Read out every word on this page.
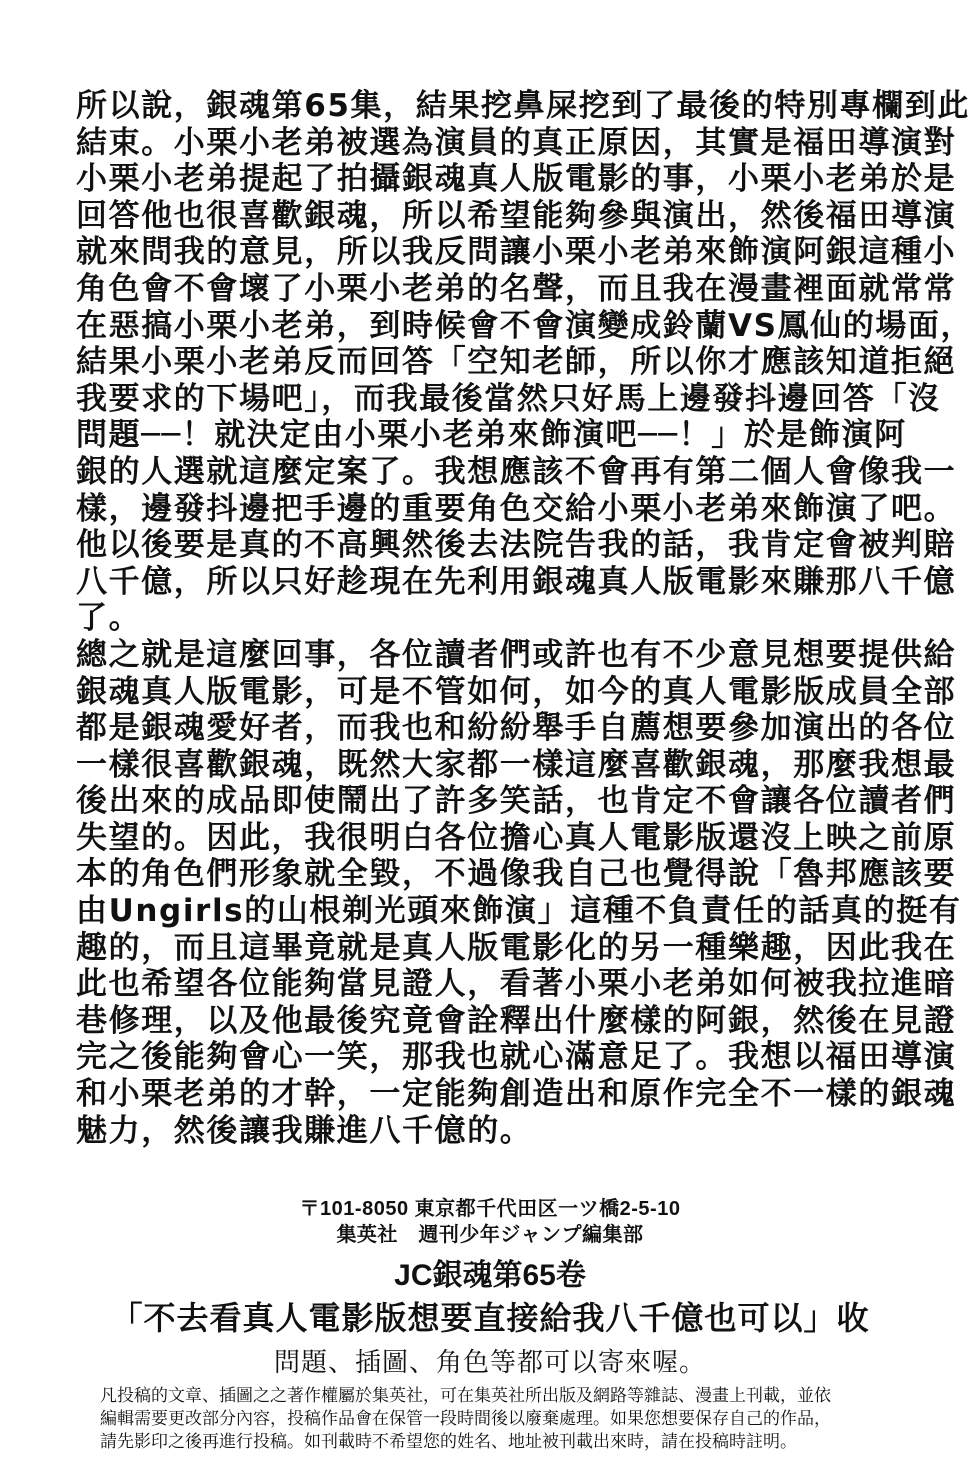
所以說，銀魂第65集，結果挖鼻屎挖到了最後的特別專欄到此
結束。小栗小老弟被選為演員的真正原因，其實是福田導演對
小栗小老弟提起了拍攝銀魂真人版電影的事，小栗小老弟於是
回答他也很喜歡銀魂，所以希望能夠參與演出，然後福田導演
就來問我的意見，所以我反問讓小栗小老弟來飾演阿銀這種小
角色會不會壞了小栗小老弟的名聲，而且我在漫畫裡面就常常
在惡搞小栗小老弟，到時候會不會演變成鈴蘭VS鳳仙的場面，
結果小栗小老弟反而回答「空知老師，所以你才應該知道拒絕
我要求的下場吧」，而我最後當然只好馬上邊發抖邊回答「沒
問題──！就決定由小栗小老弟來飾演吧──！」於是飾演阿
銀的人選就這麼定案了。我想應該不會再有第二個人會像我一
樣，邊發抖邊把手邊的重要角色交給小栗小老弟來飾演了吧。
他以後要是真的不高興然後去法院告我的話，我肯定會被判賠
八千億，所以只好趁現在先利用銀魂真人版電影來賺那八千億
了。
總之就是這麼回事，各位讀者們或許也有不少意見想要提供給
銀魂真人版電影，可是不管如何，如今的真人電影版成員全部
都是銀魂愛好者，而我也和紛紛舉手自薦想要參加演出的各位
一樣很喜歡銀魂，既然大家都一樣這麼喜歡銀魂，那麼我想最
後出來的成品即使鬧出了許多笑話，也肯定不會讓各位讀者們
失望的。因此，我很明白各位擔心真人電影版還沒上映之前原
本的角色們形象就全毀，不過像我自己也覺得說「魯邦應該要
由Ungirls的山根剃光頭來飾演」這種不負責任的話真的挺有
趣的，而且這畢竟就是真人版電影化的另一種樂趣，因此我在
此也希望各位能夠當見證人，看著小栗小老弟如何被我拉進暗
巷修理，以及他最後究竟會詮釋出什麼樣的阿銀，然後在見證
完之後能夠會心一笑，那我也就心滿意足了。我想以福田導演
和小栗老弟的才幹，一定能夠創造出和原作完全不一樣的銀魂
魅力，然後讓我賺進八千億的。
〒101-8050 東京都千代田区一ツ橋2-5-10
集英社　週刊少年ジャンプ編集部
JC銀魂第65卷
「不去看真人電影版想要直接給我八千億也可以」收
問題、插圖、角色等都可以寄來喔。
凡投稿的文章、插圖之之著作權屬於集英社，可在集英社所出版及網路等雜誌、漫畫上刊載，並依
編輯需要更改部分內容，投稿作品會在保管一段時間後以廢棄處理。如果您想要保存自己的作品，
請先影印之後再進行投稿。如刊載時不希望您的姓名、地址被刊載出來時，請在投稿時註明。
